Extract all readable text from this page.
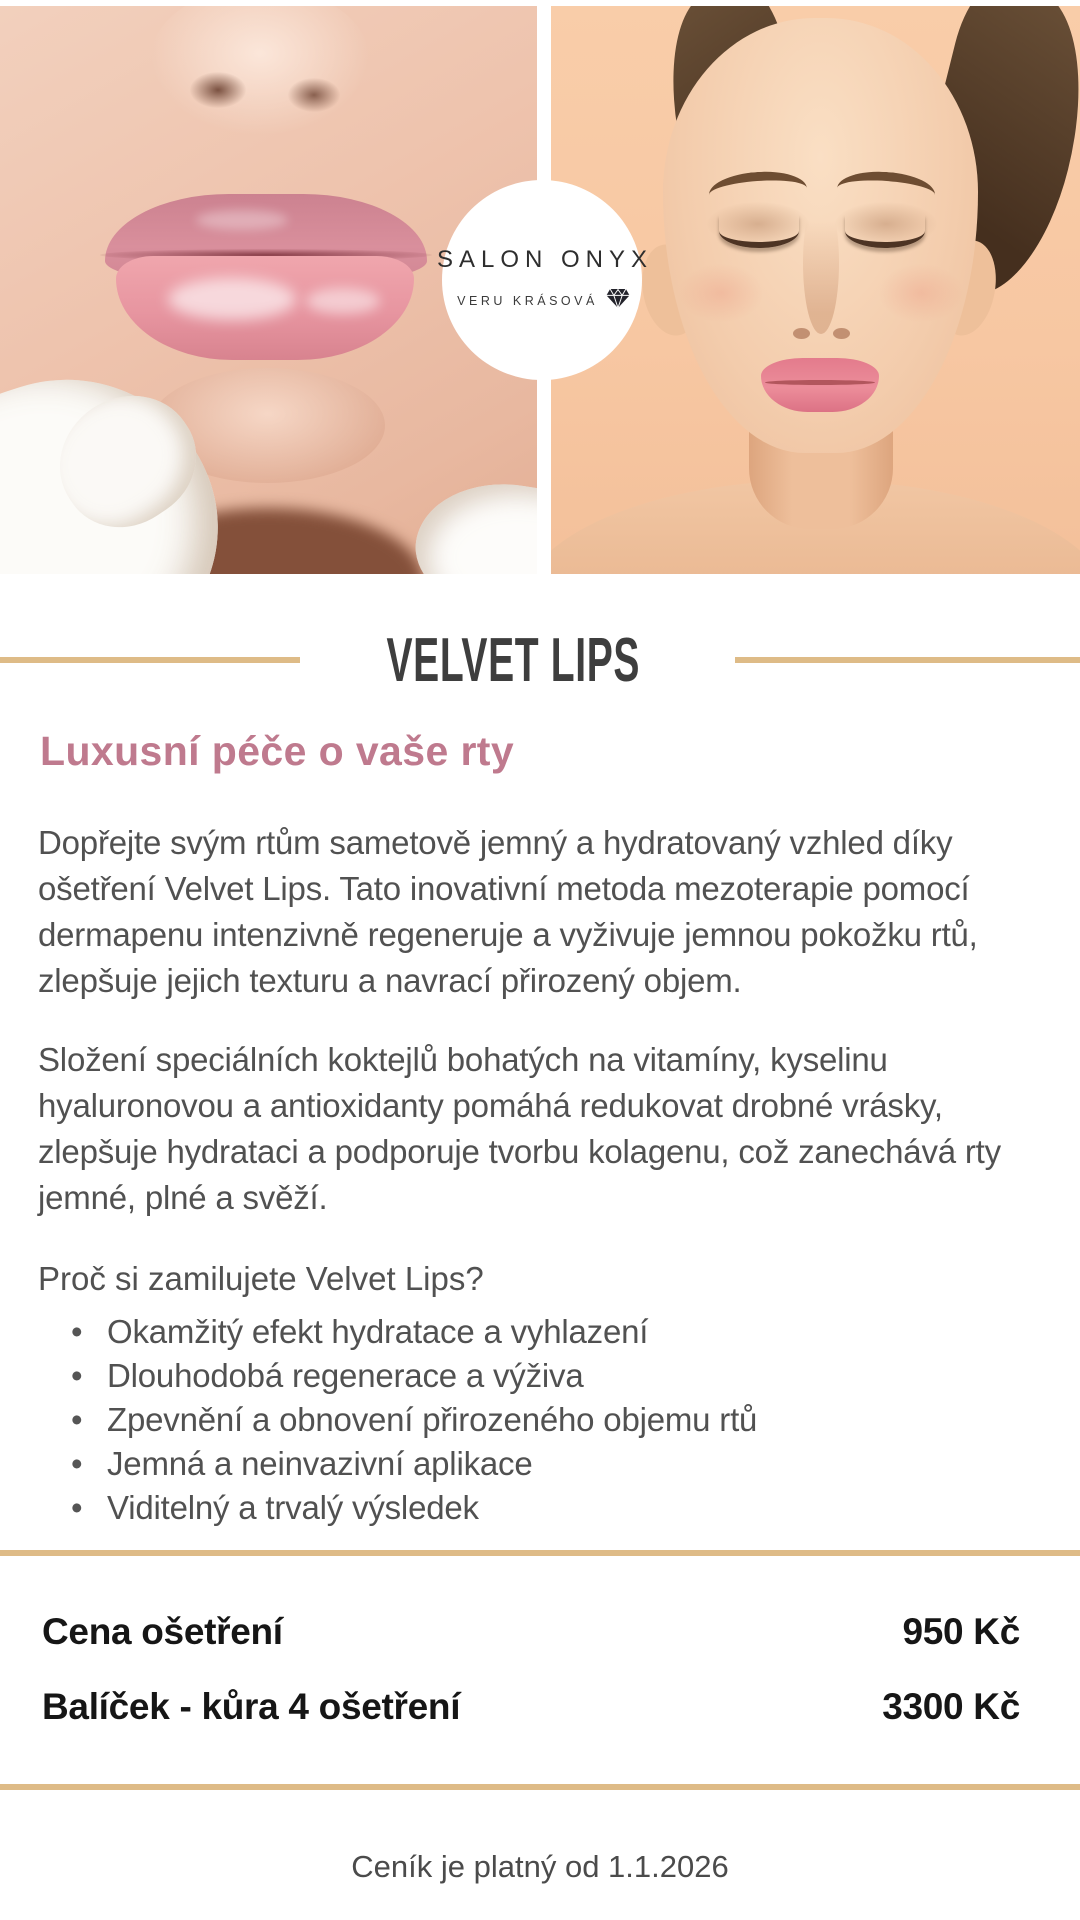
SALON ONYX
VERU KRÁSOVÁ
VELVET LIPS
Luxusní péče o vaše rty

Dopřejte svým rtům sametově jemný a hydratovaný vzhled díky ošetření Velvet Lips. Tato inovativní metoda mezoterapie pomocí dermapenu intenzivně regeneruje a vyživuje jemnou pokožku rtů, zlepšuje jejich texturu a navrací přirozený objem.

Složení speciálních koktejlů bohatých na vitamíny, kyselinu hyaluronovou a antioxidanty pomáhá redukovat drobné vrásky, zlepšuje hydrataci a podporuje tvorbu kolagenu, což zanechává rty jemné, plné a svěží.

Proč si zamilujete Velvet Lips?
• Okamžitý efekt hydratace a vyhlazení
• Dlouhodobá regenerace a výživa
• Zpevnění a obnovení přirozeného objemu rtů
• Jemná a neinvazivní aplikace
• Viditelný a trvalý výsledek
Cena ošetření	950 Kč
Balíček - kůra 4 ošetření	3300 Kč
Ceník je platný od 1.1.2026
